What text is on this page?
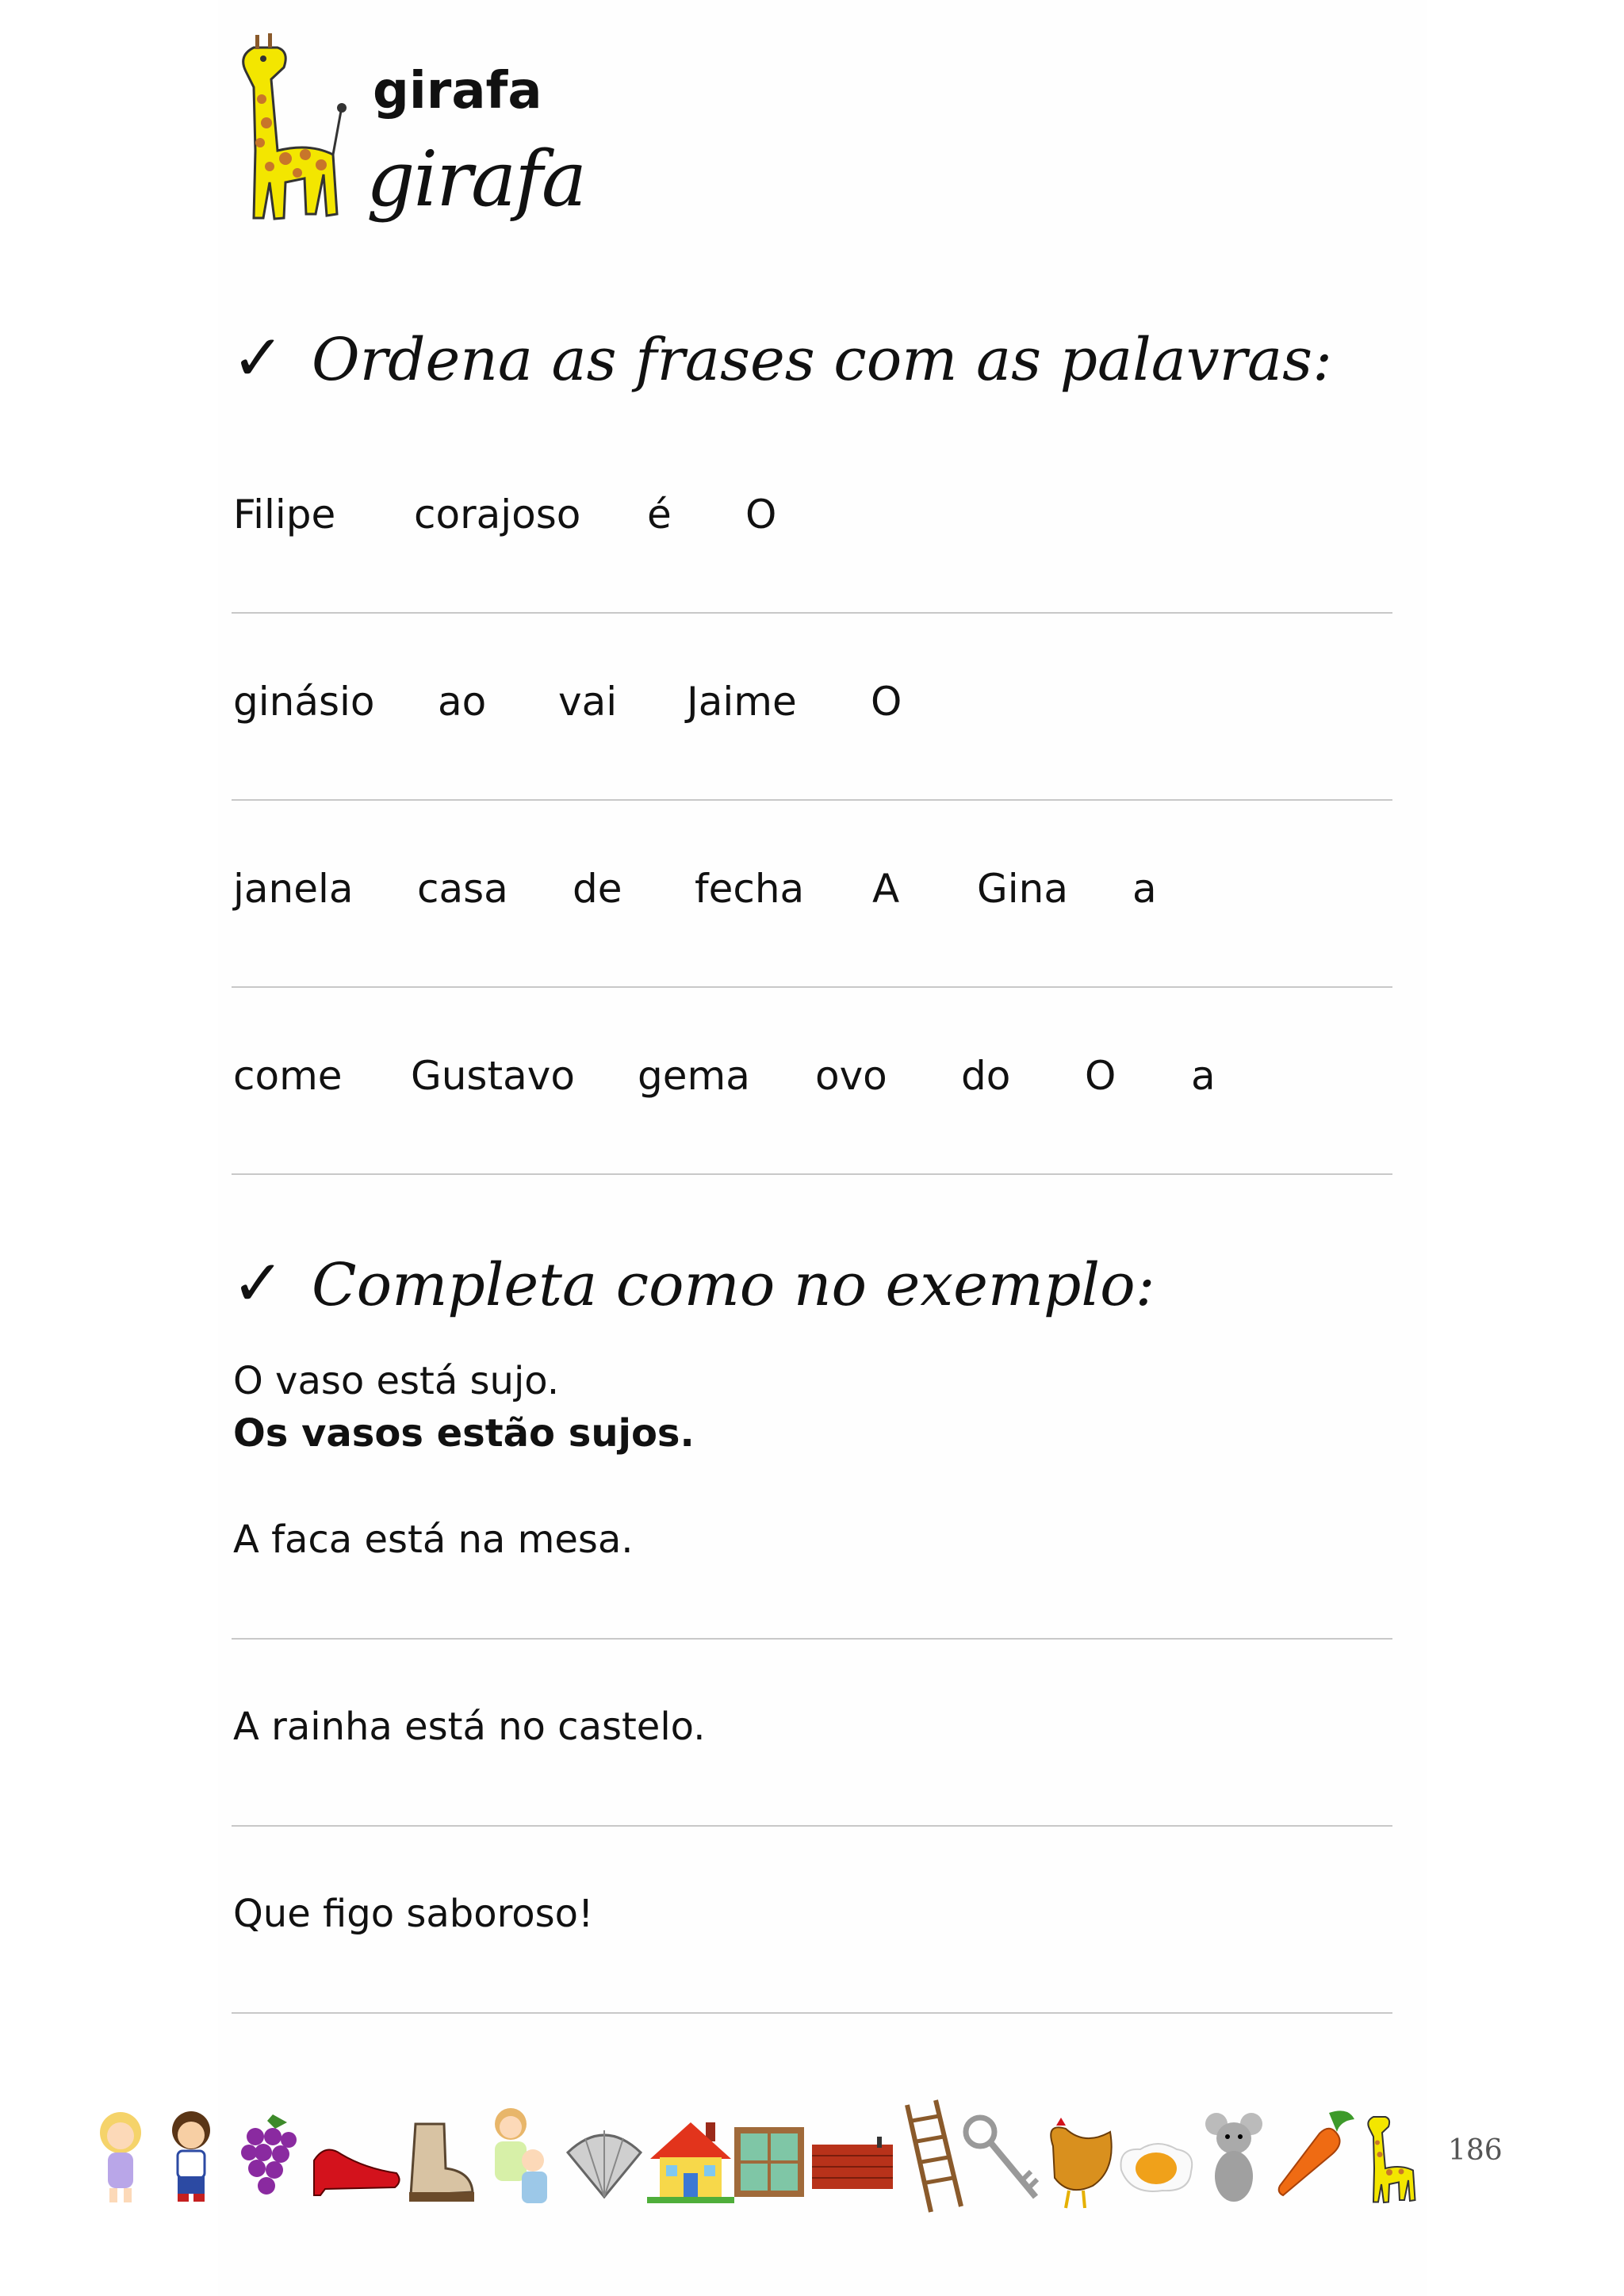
girafa
girafa
✓ Ordena as frases com as palavras:
Filipe corajoso é O
ginásio ao vai Jaime O
janela casa de fecha A Gina a
come Gustavo gema ovo do O a
✓ Completa como no exemplo:
O vaso está sujo.
Os vasos estão sujos.
A faca está na mesa.
A rainha está no castelo.
Que figo saboroso!
186
